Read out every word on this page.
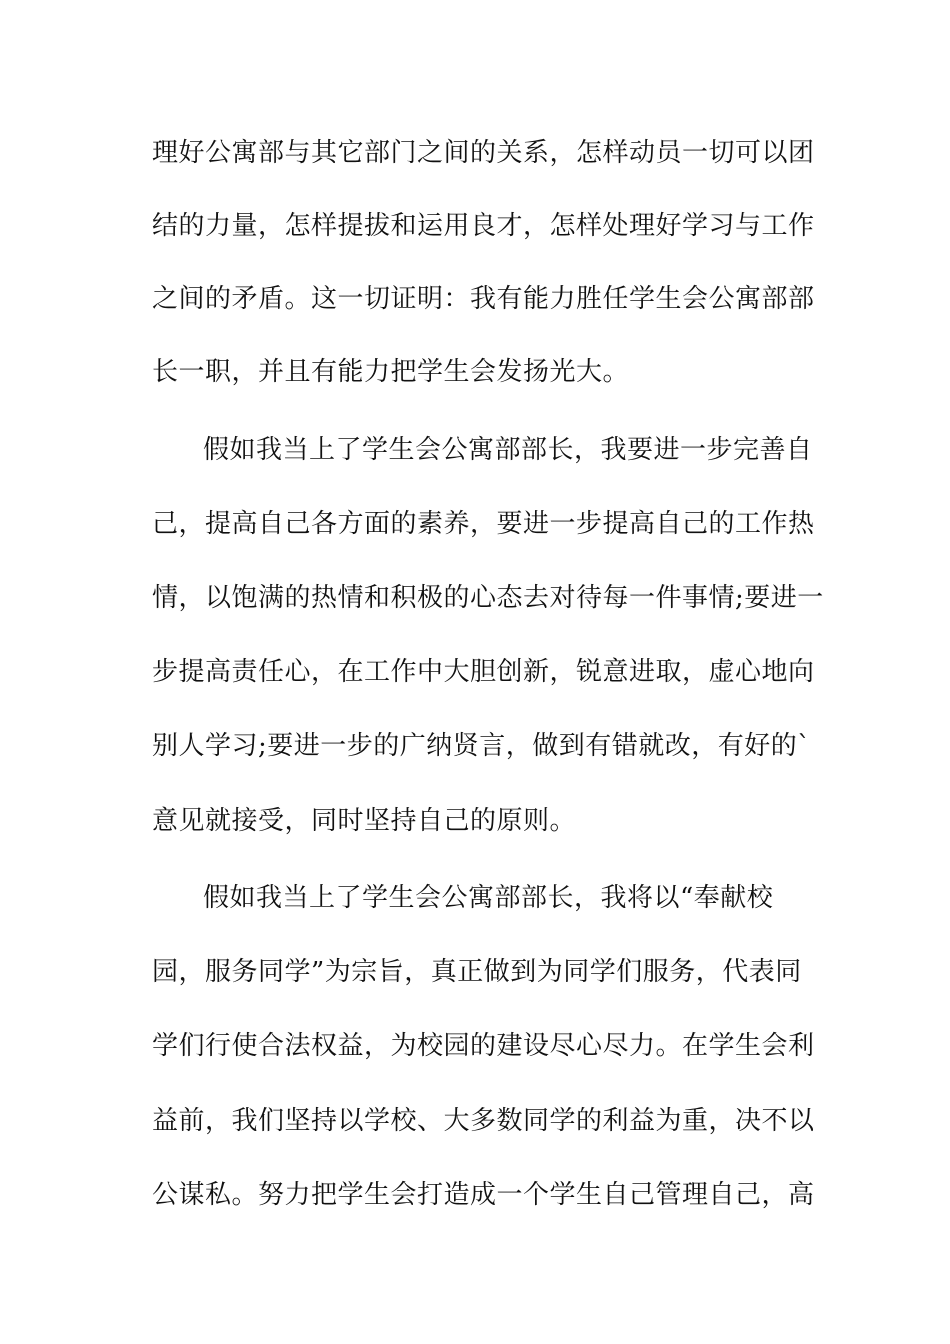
理好公寓部与其它部门之间的关系，怎样动员一切可以团
结的力量，怎样提拔和运用良才，怎样处理好学习与工作
之间的矛盾。这一切证明：我有能力胜任学生会公寓部部
长一职，并且有能力把学生会发扬光大。
假如我当上了学生会公寓部部长，我要进一步完善自
己，提高自己各方面的素养，要进一步提高自己的工作热
情，以饱满的热情和积极的心态去对待每一件事情;要进一
步提高责任心，在工作中大胆创新，锐意进取，虚心地向
别人学习;要进一步的广纳贤言，做到有错就改，有好的`
意见就接受，同时坚持自己的原则。
假如我当上了学生会公寓部部长，我将以“奉献校
园，服务同学”为宗旨，真正做到为同学们服务，代表同
学们行使合法权益，为校园的建设尽心尽力。在学生会利
益前，我们坚持以学校、大多数同学的利益为重，决不以
公谋私。努力把学生会打造成一个学生自己管理自己，高
